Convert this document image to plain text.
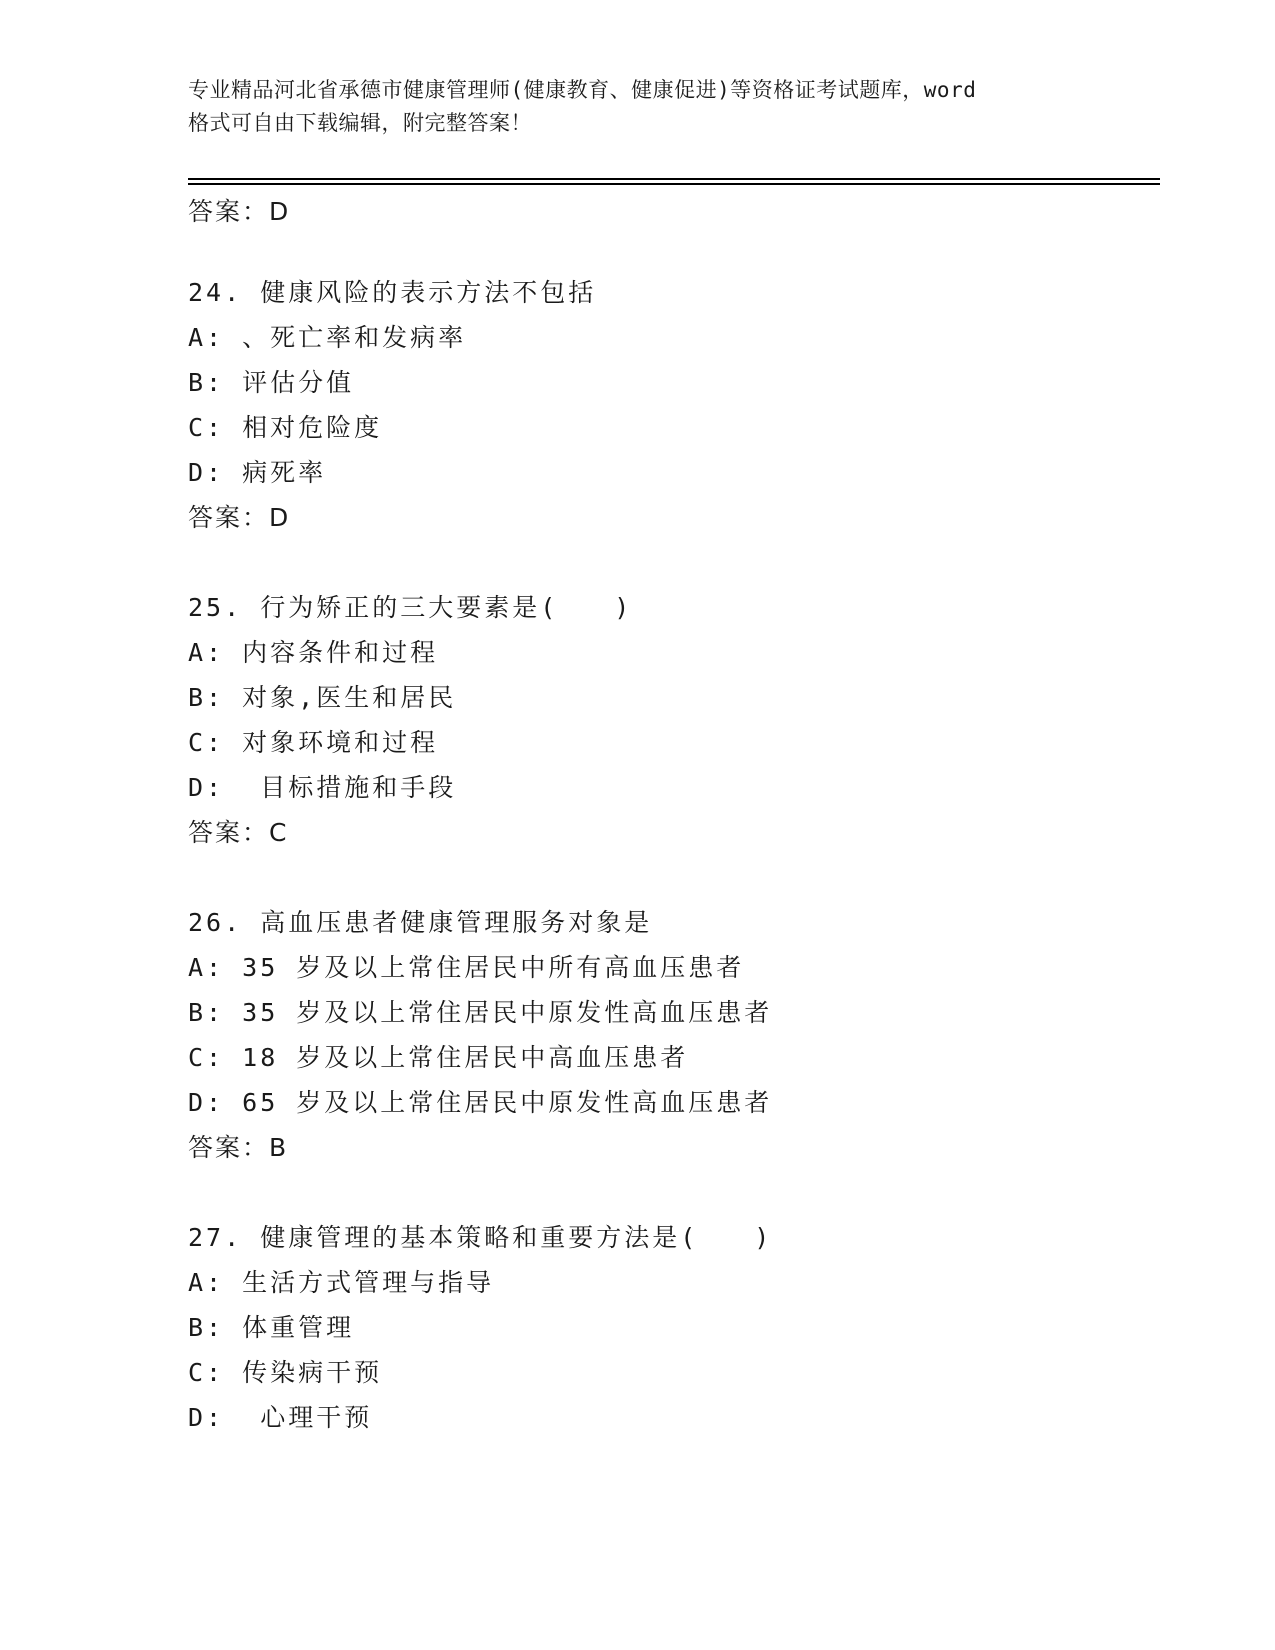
专业精品河北省承德市健康管理师(健康教育、健康促进)等资格证考试题库，word
格式可自由下载编辑，附完整答案！
答案：D
24. 健康风险的表示方法不包括
A: 、死亡率和发病率
B: 评估分值
C: 相对危险度
D: 病死率
答案：D
25. 行为矫正的三大要素是(　　)
A: 内容条件和过程
B: 对象,医生和居民
C: 对象环境和过程
D:  目标措施和手段
答案：C
26. 高血压患者健康管理服务对象是
A: 35 岁及以上常住居民中所有高血压患者
B: 35 岁及以上常住居民中原发性高血压患者
C: 18 岁及以上常住居民中高血压患者
D: 65 岁及以上常住居民中原发性高血压患者
答案：B
27. 健康管理的基本策略和重要方法是(　　)
A: 生活方式管理与指导
B: 体重管理
C: 传染病干预
D:  心理干预
